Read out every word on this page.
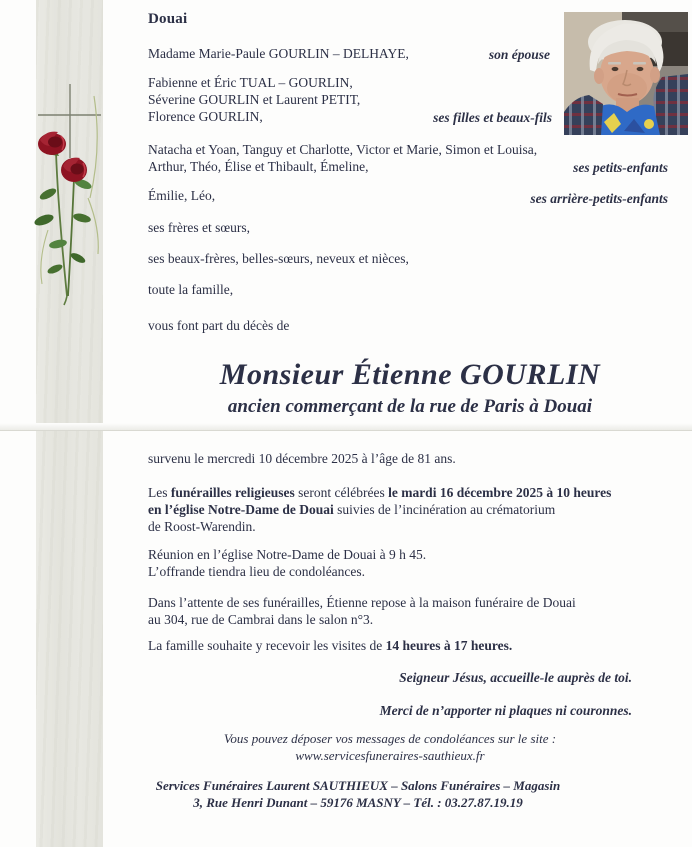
Douai
Madame Marie-Paule GOURLIN – DELHAYE,	son épouse
Fabienne et Éric TUAL – GOURLIN,
Séverine GOURLIN et Laurent PETIT,
Florence GOURLIN,	ses filles et beaux-fils
Natacha et Yoan, Tanguy et Charlotte, Victor et Marie, Simon et Louisa,
Arthur, Théo, Élise et Thibault, Émeline,	ses petits-enfants
Émilie, Léo,	ses arrière-petits-enfants
ses frères et sœurs,
ses beaux-frères, belles-sœurs, neveux et nièces,
toute la famille,
vous font part du décès de
Monsieur Étienne GOURLIN
ancien commerçant de la rue de Paris à Douai
survenu le mercredi 10 décembre 2025 à l’âge de 81 ans.
Les funérailles religieuses seront célébrées le mardi 16 décembre 2025 à 10 heures
en l’église Notre-Dame de Douai suivies de l’incinération au crématorium
de Roost-Warendin.
Réunion en l’église Notre-Dame de Douai à 9 h 45.
L’offrande tiendra lieu de condoléances.
Dans l’attente de ses funérailles, Étienne repose à la maison funéraire de Douai
au 304, rue de Cambrai dans le salon n°3.
La famille souhaite y recevoir les visites de 14 heures à 17 heures.
Seigneur Jésus, accueille-le auprès de toi.
Merci de n’apporter ni plaques ni couronnes.
Vous pouvez déposer vos messages de condoléances sur le site :
www.servicesfuneraires-sauthieux.fr
Services Funéraires Laurent SAUTHIEUX – Salons Funéraires – Magasin
3, Rue Henri Dunant – 59176 MASNY – Tél. : 03.27.87.19.19
